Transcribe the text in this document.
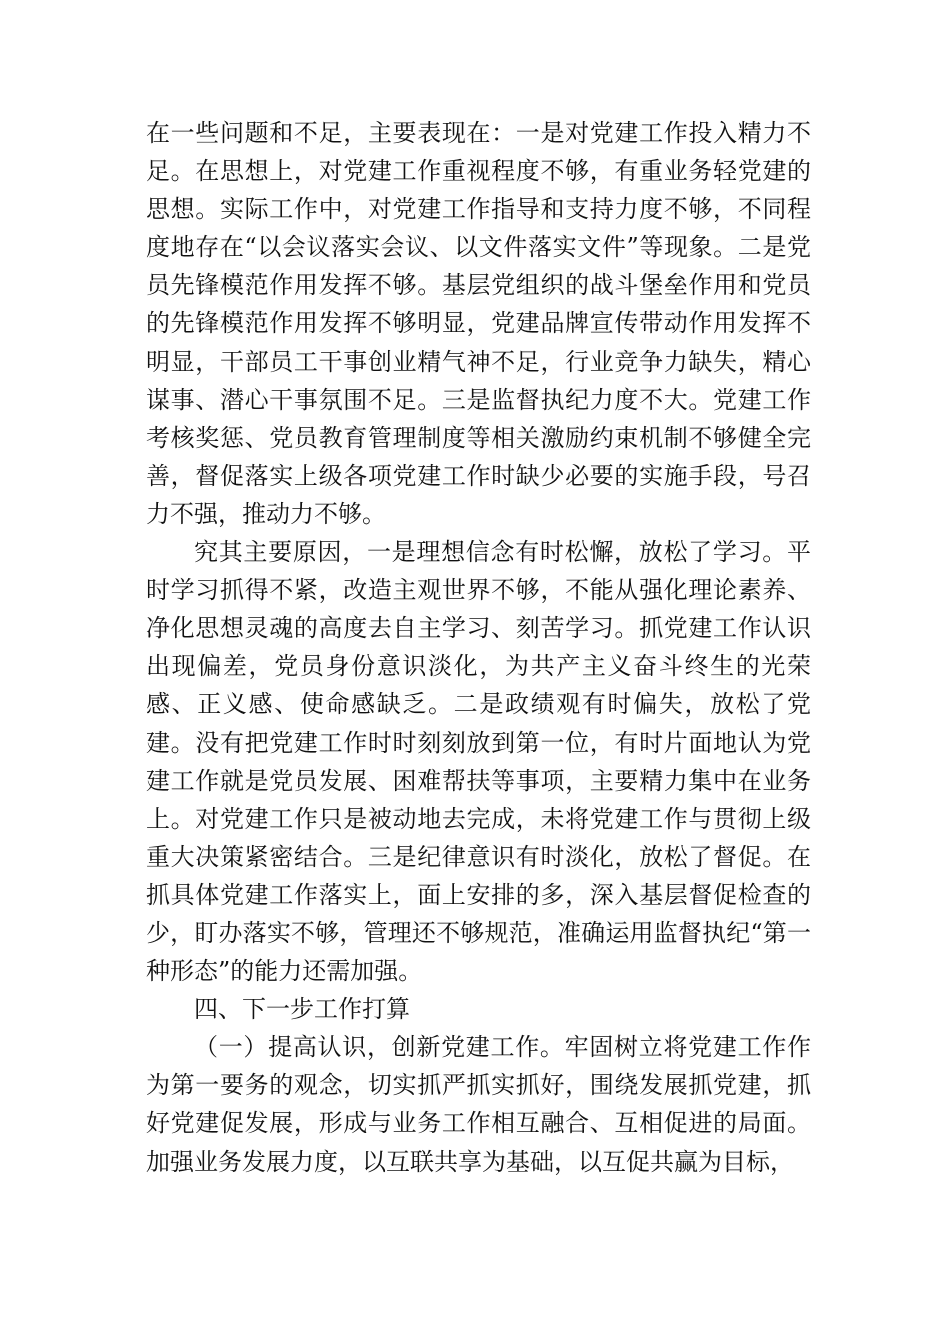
在一些问题和不足，主要表现在：一是对党建工作投入精力不足。在思想上，对党建工作重视程度不够，有重业务轻党建的思想。实际工作中，对党建工作指导和支持力度不够，不同程度地存在“以会议落实会议、以文件落实文件”等现象。二是党员先锋模范作用发挥不够。基层党组织的战斗堡垒作用和党员的先锋模范作用发挥不够明显，党建品牌宣传带动作用发挥不明显，干部员工干事创业精气神不足，行业竞争力缺失，精心谋事、潜心干事氛围不足。三是监督执纪力度不大。党建工作考核奖惩、党员教育管理制度等相关激励约束机制不够健全完善，督促落实上级各项党建工作时缺少必要的实施手段，号召力不强，推动力不够。

究其主要原因，一是理想信念有时松懈，放松了学习。平时学习抓得不紧，改造主观世界不够，不能从强化理论素养、净化思想灵魂的高度去自主学习、刻苦学习。抓党建工作认识出现偏差，党员身份意识淡化，为共产主义奋斗终生的光荣感、正义感、使命感缺乏。二是政绩观有时偏失，放松了党建。没有把党建工作时时刻刻放到第一位，有时片面地认为党建工作就是党员发展、困难帮扶等事项，主要精力集中在业务上。对党建工作只是被动地去完成，未将党建工作与贯彻上级重大决策紧密结合。三是纪律意识有时淡化，放松了督促。在抓具体党建工作落实上，面上安排的多，深入基层督促检查的少，盯办落实不够，管理还不够规范，准确运用监督执纪“第一种形态”的能力还需加强。

四、下一步工作打算

（一）提高认识，创新党建工作。牢固树立将党建工作作为第一要务的观念，切实抓严抓实抓好，围绕发展抓党建，抓好党建促发展，形成与业务工作相互融合、互相促进的局面。加强业务发展力度，以互联共享为基础，以互促共赢为目标，
